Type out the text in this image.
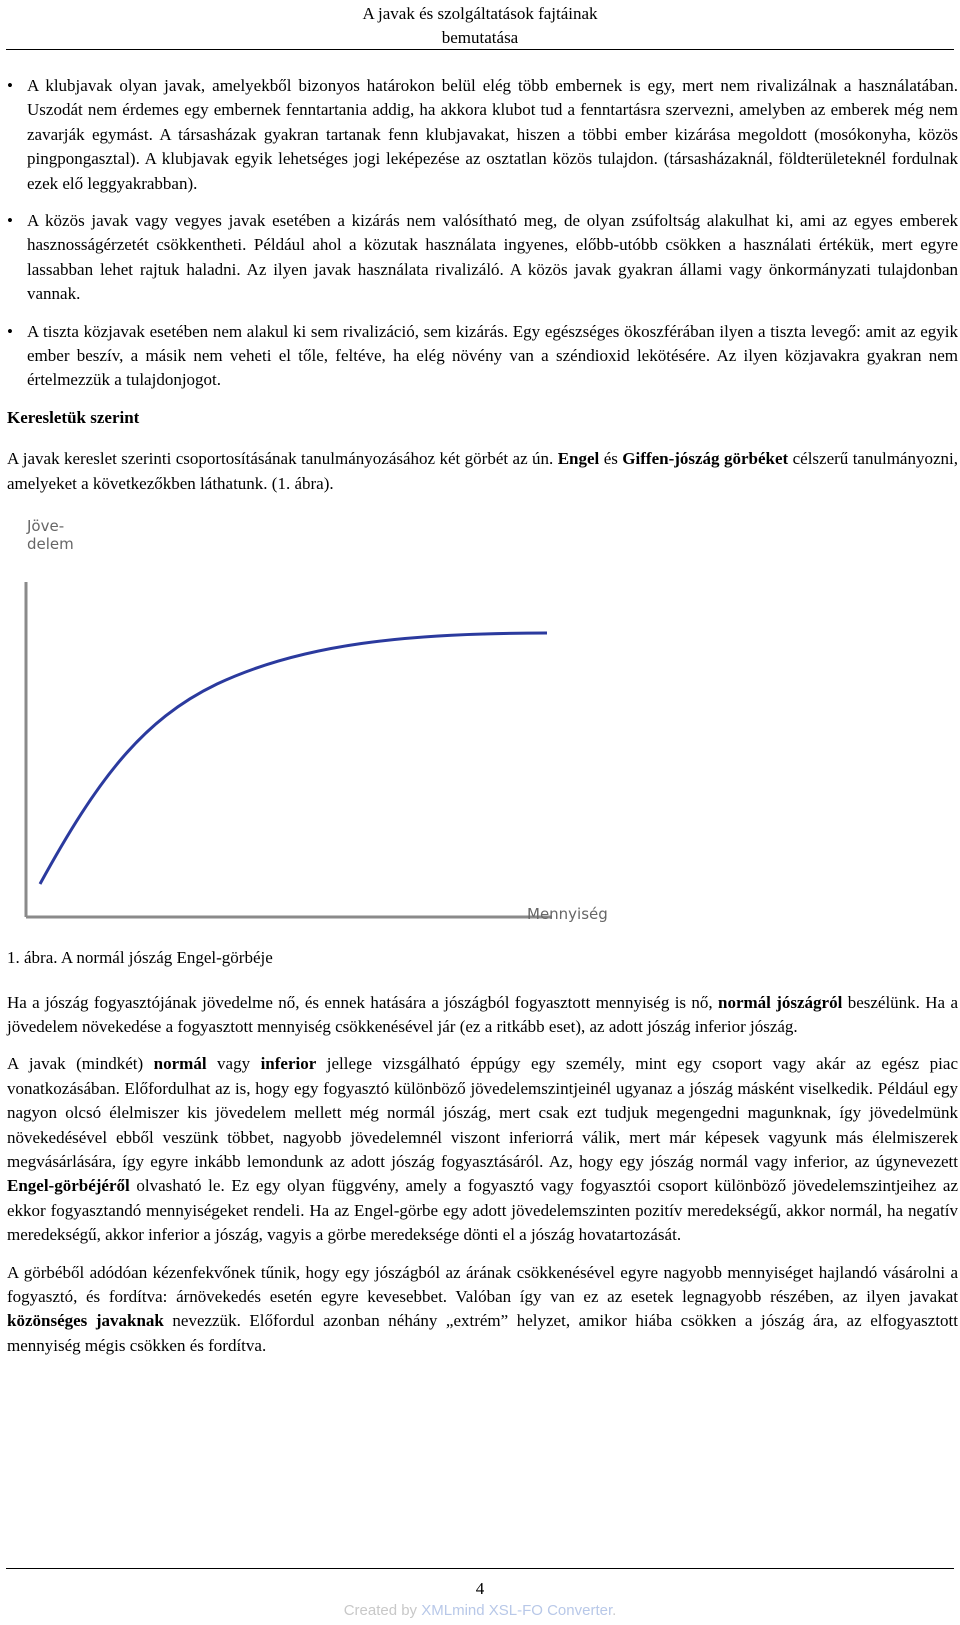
A javak és szolgáltatások fajtáinak
bemutatása
• A klubjavak olyan javak, amelyekből bizonyos határokon belül elég több embernek is egy, mert nem rivalizálnak a használatában. Uszodát nem érdemes egy embernek fenntartania addig, ha akkora klubot tud a fenntartásra szervezni, amelyben az emberek még nem zavarják egymást. A társasházak gyakran tartanak fenn klubjavakat, hiszen a többi ember kizárása megoldott (mosókonyha, közös pingpongasztal). A klubjavak egyik lehetséges jogi leképezése az osztatlan közös tulajdon. (társasházaknál, földterületeknél fordulnak ezek elő leggyakrabban).
• A közös javak vagy vegyes javak esetében a kizárás nem valósítható meg, de olyan zsúfoltság alakulhat ki, ami az egyes emberek hasznosságérzetét csökkentheti. Például ahol a közutak használata ingyenes, előbb-utóbb csökken a használati értékük, mert egyre lassabban lehet rajtuk haladni. Az ilyen javak használata rivalizáló. A közös javak gyakran állami vagy önkormányzati tulajdonban vannak.
• A tiszta közjavak esetében nem alakul ki sem rivalizáció, sem kizárás. Egy egészséges ökoszférában ilyen a tiszta levegő: amit az egyik ember beszív, a másik nem veheti el tőle, feltéve, ha elég növény van a széndioxid lekötésére. Az ilyen közjavakra gyakran nem értelmezzük a tulajdonjogot.
Keresletük szerint

A javak kereslet szerinti csoportosításának tanulmányozásához két görbét az ún. Engel és Giffen-jószág görbéket célszerű tanulmányozni, amelyeket a következőkben láthatunk. (1. ábra).

Jöve-
delem
Mennyiség

1. ábra. A normál jószág Engel-görbéje

Ha a jószág fogyasztójának jövedelme nő, és ennek hatására a jószágból fogyasztott mennyiség is nő, normál jószágról beszélünk. Ha a jövedelem növekedése a fogyasztott mennyiség csökkenésével jár (ez a ritkább eset), az adott jószág inferior jószág.

A javak (mindkét) normál vagy inferior jellege vizsgálható éppúgy egy személy, mint egy csoport vagy akár az egész piac vonatkozásában. Előfordulhat az is, hogy egy fogyasztó különböző jövedelemszintjeinél ugyanaz a jószág másként viselkedik. Például egy nagyon olcsó élelmiszer kis jövedelem mellett még normál jószág, mert csak ezt tudjuk megengedni magunknak, így jövedelmünk növekedésével ebből veszünk többet, nagyobb jövedelemnél viszont inferiorrá válik, mert már képesek vagyunk más élelmiszerek megvásárlására, így egyre inkább lemondunk az adott jószág fogyasztásáról. Az, hogy egy jószág normál vagy inferior, az úgynevezett Engel-görbéjéről olvasható le. Ez egy olyan függvény, amely a fogyasztó vagy fogyasztói csoport különböző jövedelemszintjeihez az ekkor fogyasztandó mennyiségeket rendeli. Ha az Engel-görbe egy adott jövedelemszinten pozitív meredekségű, akkor normál, ha negatív meredekségű, akkor inferior a jószág, vagyis a görbe meredeksége dönti el a jószág hovatartozását.

A görbéből adódóan kézenfekvőnek tűnik, hogy egy jószágból az árának csökkenésével egyre nagyobb mennyiséget hajlandó vásárolni a fogyasztó, és fordítva: árnövekedés esetén egyre kevesebbet. Valóban így van ez az esetek legnagyobb részében, az ilyen javakat közönséges javaknak nevezzük. Előfordul azonban néhány „extrém” helyzet, amikor hiába csökken a jószág ára, az elfogyasztott mennyiség mégis csökken és fordítva.

4
Created by XMLmind XSL-FO Converter.
